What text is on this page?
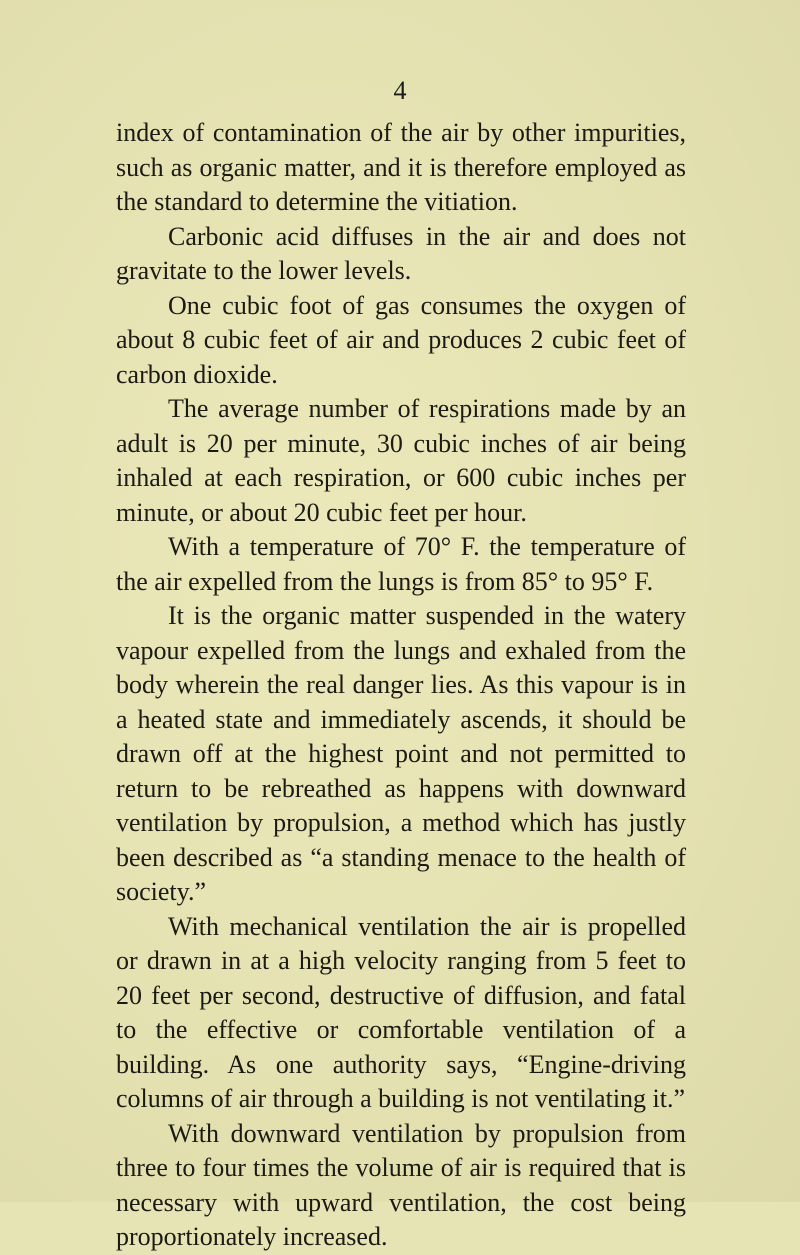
4

index of contamination of the air by other impurities, such as organic matter, and it is therefore employed as the standard to determine the vitiation.

Carbonic acid diffuses in the air and does not gravitate to the lower levels.

One cubic foot of gas consumes the oxygen of about 8 cubic feet of air and produces 2 cubic feet of carbon dioxide.

The average number of respirations made by an adult is 20 per minute, 30 cubic inches of air being inhaled at each respiration, or 600 cubic inches per minute, or about 20 cubic feet per hour.

With a temperature of 70° F. the temperature of the air expelled from the lungs is from 85° to 95° F.

It is the organic matter suspended in the watery vapour expelled from the lungs and exhaled from the body wherein the real danger lies. As this vapour is in a heated state and immediately ascends, it should be drawn off at the highest point and not permitted to return to be rebreathed as happens with downward ventilation by propulsion, a method which has justly been described as “a standing menace to the health of society.”

With mechanical ventilation the air is propelled or drawn in at a high velocity ranging from 5 feet to 20 feet per second, destructive of diffusion, and fatal to the effective or comfortable ventilation of a building. As one authority says, “Engine-driving columns of air through a building is not ventilating it.”

With downward ventilation by propulsion from three to four times the volume of air is required that is necessary with upward ventilation, the cost being proportionately increased.
